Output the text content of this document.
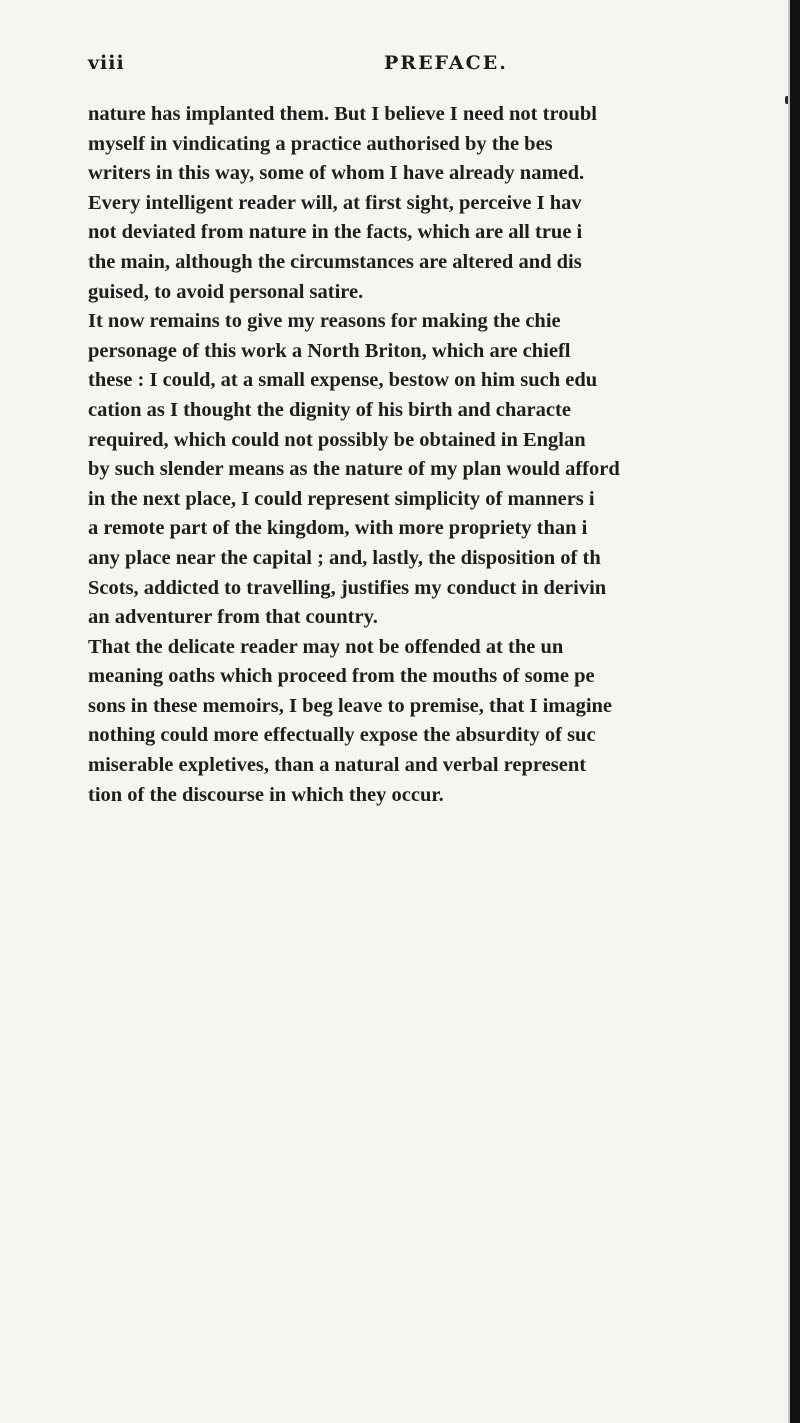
viii	PREFACE.
nature has implanted them. But I believe I need not troubl
myself in vindicating a practice authorised by the bes
writers in this way, some of whom I have already named.
Every intelligent reader will, at first sight, perceive I hav
not deviated from nature in the facts, which are all true i
the main, although the circumstances are altered and dis
guised, to avoid personal satire.
It now remains to give my reasons for making the chie
personage of this work a North Briton, which are chiefl
these : I could, at a small expense, bestow on him such edu
cation as I thought the dignity of his birth and characte
required, which could not possibly be obtained in Englan
by such slender means as the nature of my plan would afford
in the next place, I could represent simplicity of manners i
a remote part of the kingdom, with more propriety than i
any place near the capital ; and, lastly, the disposition of th
Scots, addicted to travelling, justifies my conduct in derivin
an adventurer from that country.
That the delicate reader may not be offended at the un
meaning oaths which proceed from the mouths of some pe
sons in these memoirs, I beg leave to premise, that I imagine
nothing could more effectually expose the absurdity of suc
miserable expletives, than a natural and verbal represent
tion of the discourse in which they occur.
